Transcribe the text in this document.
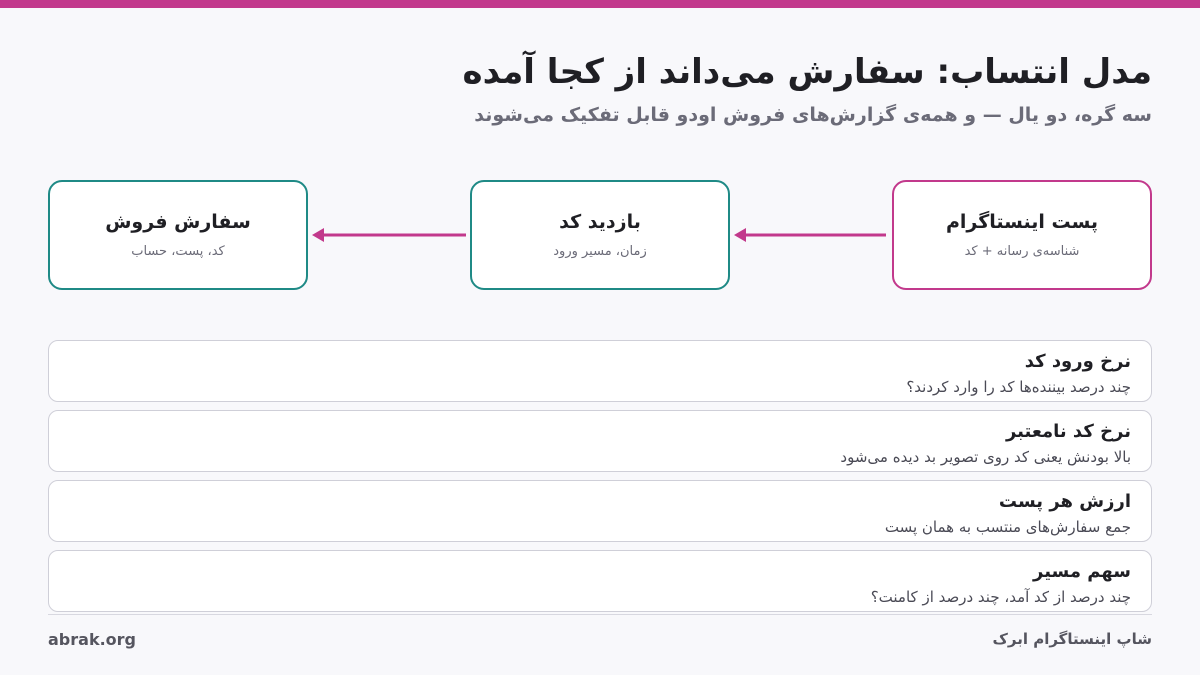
مدل انتساب: سفارش می‌داند از کجا آمده
سه گره، دو یال — و همه‌ی گزارش‌های فروش اودو قابل تفکیک می‌شوند
پست اینستاگرام
شناسه‌ی رسانه + کد
بازدید کد
زمان، مسیر ورود
سفارش فروش
کد، پست، حساب
نرخ ورود کد
چند درصد بیننده‌ها کد را وارد کردند؟
نرخ کد نامعتبر
بالا بودنش یعنی کد روی تصویر بد دیده می‌شود
ارزش هر پست
جمع سفارش‌های منتسب به همان پست
سهم مسیر
چند درصد از کد آمد، چند درصد از کامنت؟
شاپ اینستاگرام ابرک
abrak.org
